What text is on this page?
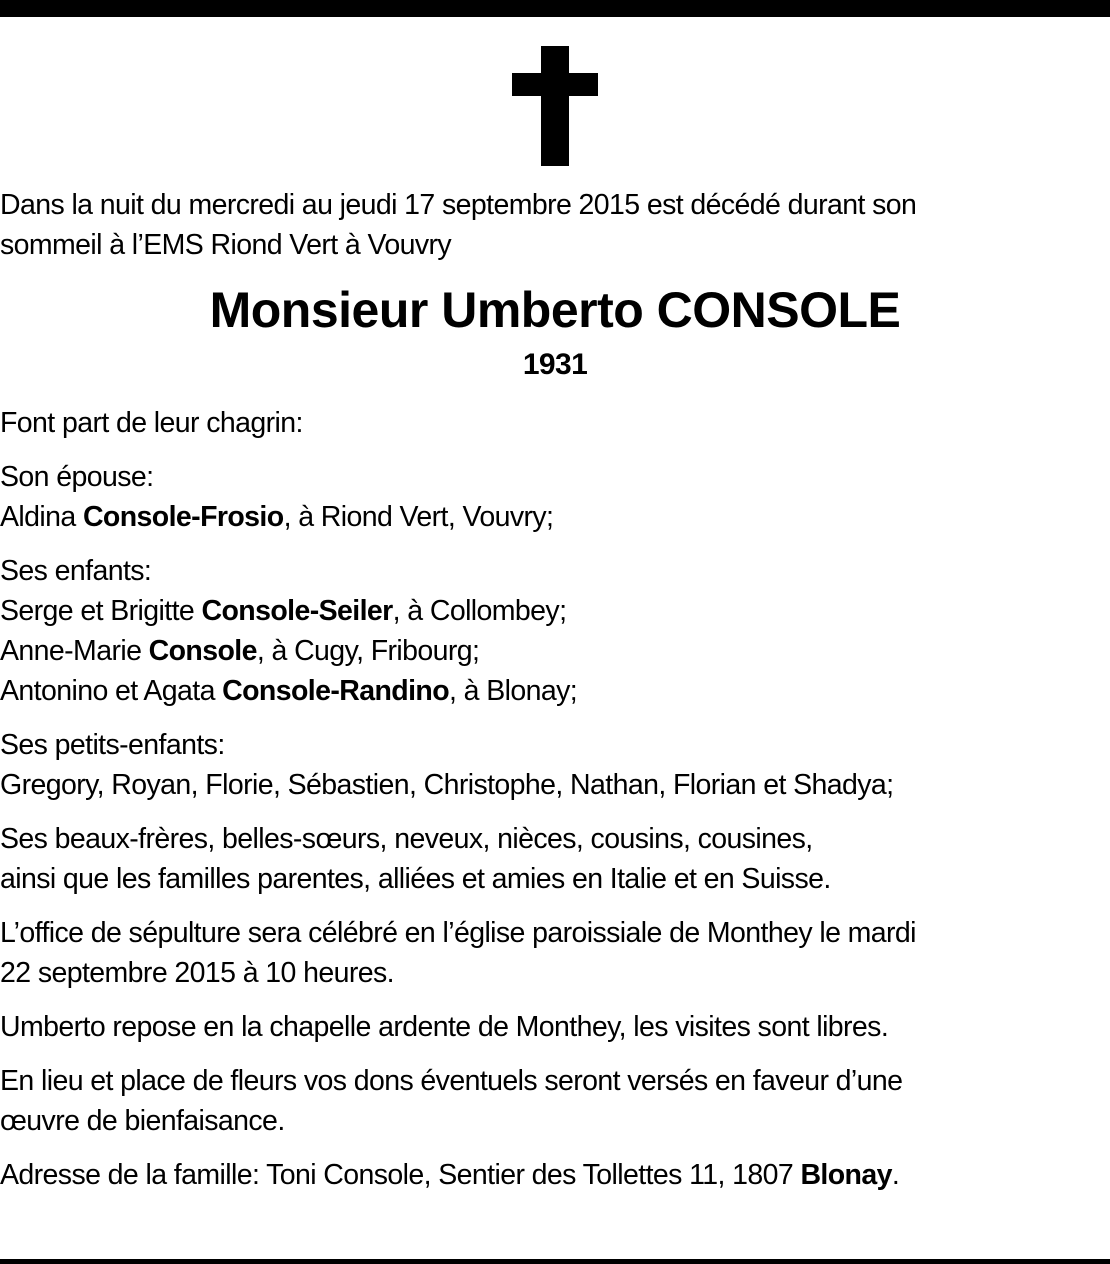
Dans la nuit du mercredi au jeudi 17 septembre 2015 est décédé durant son

sommeil à l’EMS Riond Vert à Vouvry

Monsieur Umberto CONSOLE

1931

Font part de leur chagrin:

Son épouse:

Aldina Console-Frosio, à Riond Vert, Vouvry;

Ses enfants:

Serge et Brigitte Console-Seiler, à Collombey;

Anne-Marie Console, à Cugy, Fribourg;

Antonino et Agata Console-Randino, à Blonay;

Ses petits-enfants:

Gregory, Royan, Florie, Sébastien, Christophe, Nathan, Florian et Shadya;

Ses beaux-frères, belles-sœurs, neveux, nièces, cousins, cousines,

ainsi que les familles parentes, alliées et amies en Italie et en Suisse.

L’office de sépulture sera célébré en l’église paroissiale de Monthey le mardi

22 septembre 2015 à 10 heures.

Umberto repose en la chapelle ardente de Monthey, les visites sont libres.

En lieu et place de fleurs vos dons éventuels seront versés en faveur d’une

œuvre de bienfaisance.

Adresse de la famille: Toni Console, Sentier des Tollettes 11, 1807 Blonay.
